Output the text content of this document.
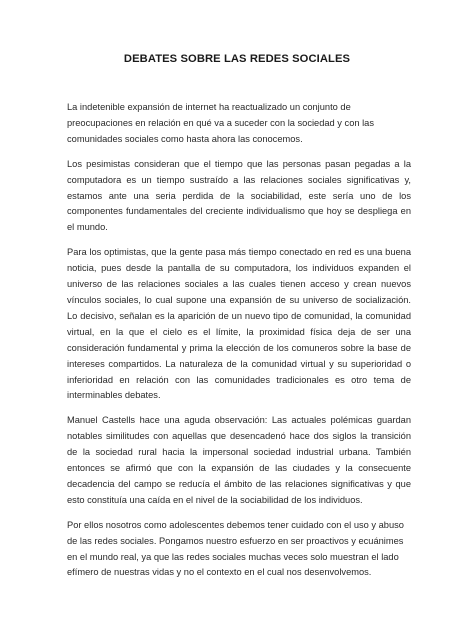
DEBATES SOBRE LAS REDES SOCIALES

La indetenible expansión de internet ha reactualizado un conjunto de preocupaciones en relación en qué va a suceder con la sociedad y con las comunidades sociales como hasta ahora las conocemos.

Los pesimistas consideran que el tiempo que las personas pasan pegadas a la computadora es un tiempo sustraído a las relaciones sociales significativas y, estamos ante una seria perdida de la sociabilidad, este sería uno de los componentes fundamentales del creciente individualismo que hoy se despliega en el mundo.

Para los optimistas, que la gente pasa más tiempo conectado en red es una buena noticia, pues desde la pantalla de su computadora, los individuos expanden el universo de las relaciones sociales a las cuales tienen acceso y crean nuevos vínculos sociales, lo cual supone una expansión de su universo de socialización. Lo decisivo, señalan es la aparición de un nuevo tipo de comunidad, la comunidad virtual, en la que el cielo es el límite, la proximidad física deja de ser una consideración fundamental y prima la elección de los comuneros sobre la base de intereses compartidos. La naturaleza de la comunidad virtual y su superioridad o inferioridad en relación con las comunidades tradicionales es otro tema de interminables debates.

Manuel Castells hace una aguda observación: Las actuales polémicas guardan notables similitudes con aquellas que desencadenó hace dos siglos la transición de la sociedad rural hacia la impersonal sociedad industrial urbana. También entonces se afirmó que con la expansión de las ciudades y la consecuente decadencia del campo se reducía el ámbito de las relaciones significativas y que esto constituía una caída en el nivel de la sociabilidad de los individuos.

Por ellos nosotros como adolescentes debemos tener cuidado con el uso y abuso de las redes sociales. Pongamos nuestro esfuerzo en ser proactivos y ecuánimes en el mundo real, ya que las redes sociales muchas veces solo muestran el lado efímero de nuestras vidas y no el contexto en el cual nos desenvolvemos.
